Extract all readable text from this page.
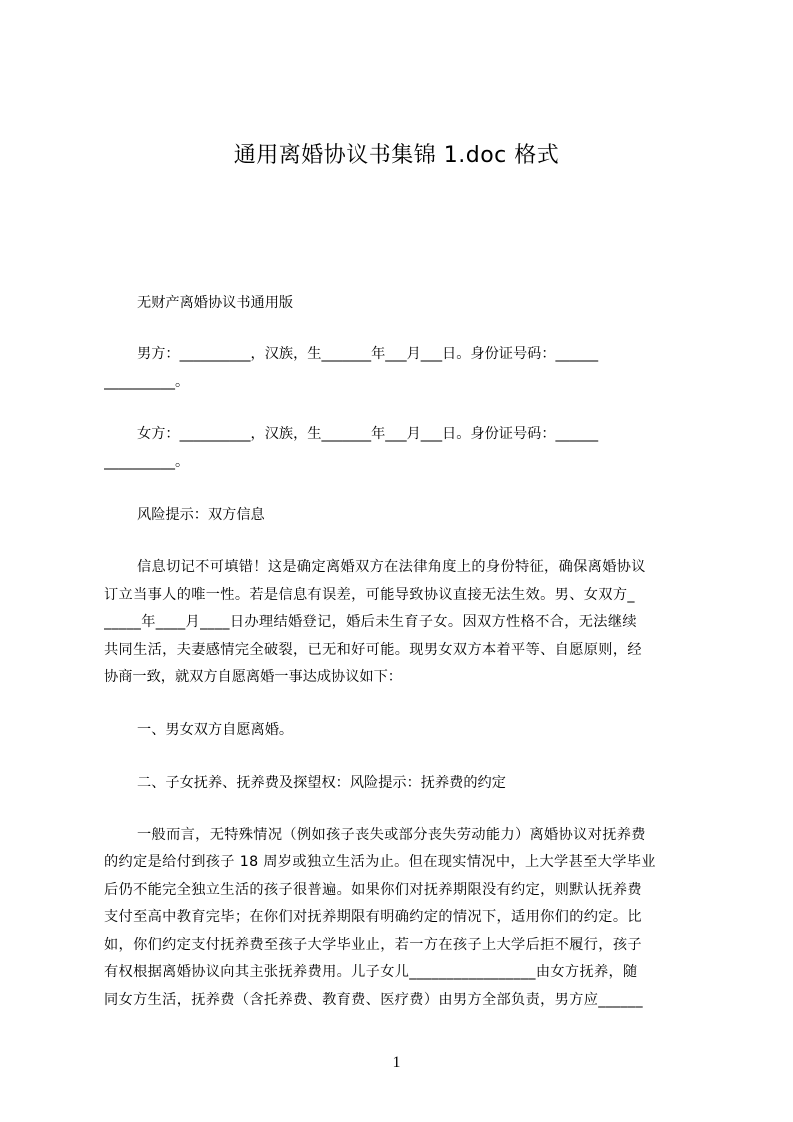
通用离婚协议书集锦 1.doc 格式
无财产离婚协议书通用版
男方：__________，汉族，生_______年___月___日。身份证号码：______
__________。
女方：__________，汉族，生_______年___月___日。身份证号码：______
__________。
风险提示：双方信息
信息切记不可填错！这是确定离婚双方在法律角度上的身份特征，确保离婚协议
订立当事人的唯一性。若是信息有误差，可能导致协议直接无法生效。男、女双方_
_____年____月____日办理结婚登记，婚后未生育子女。因双方性格不合，无法继续
共同生活，夫妻感情完全破裂，已无和好可能。现男女双方本着平等、自愿原则，经
协商一致，就双方自愿离婚一事达成协议如下：
一、男女双方自愿离婚。
二、子女抚养、抚养费及探望权：风险提示：抚养费的约定
一般而言，无特殊情况（例如孩子丧失或部分丧失劳动能力）离婚协议对抚养费
的约定是给付到孩子 18 周岁或独立生活为止。但在现实情况中，上大学甚至大学毕业
后仍不能完全独立生活的孩子很普遍。如果你们对抚养期限没有约定，则默认抚养费
支付至高中教育完毕；在你们对抚养期限有明确约定的情况下，适用你们的约定。比
如，你们约定支付抚养费至孩子大学毕业止，若一方在孩子上大学后拒不履行，孩子
有权根据离婚协议向其主张抚养费用。儿子女儿_________________由女方抚养，随
同女方生活，抚养费（含托养费、教育费、医疗费）由男方全部负责，男方应______
1
